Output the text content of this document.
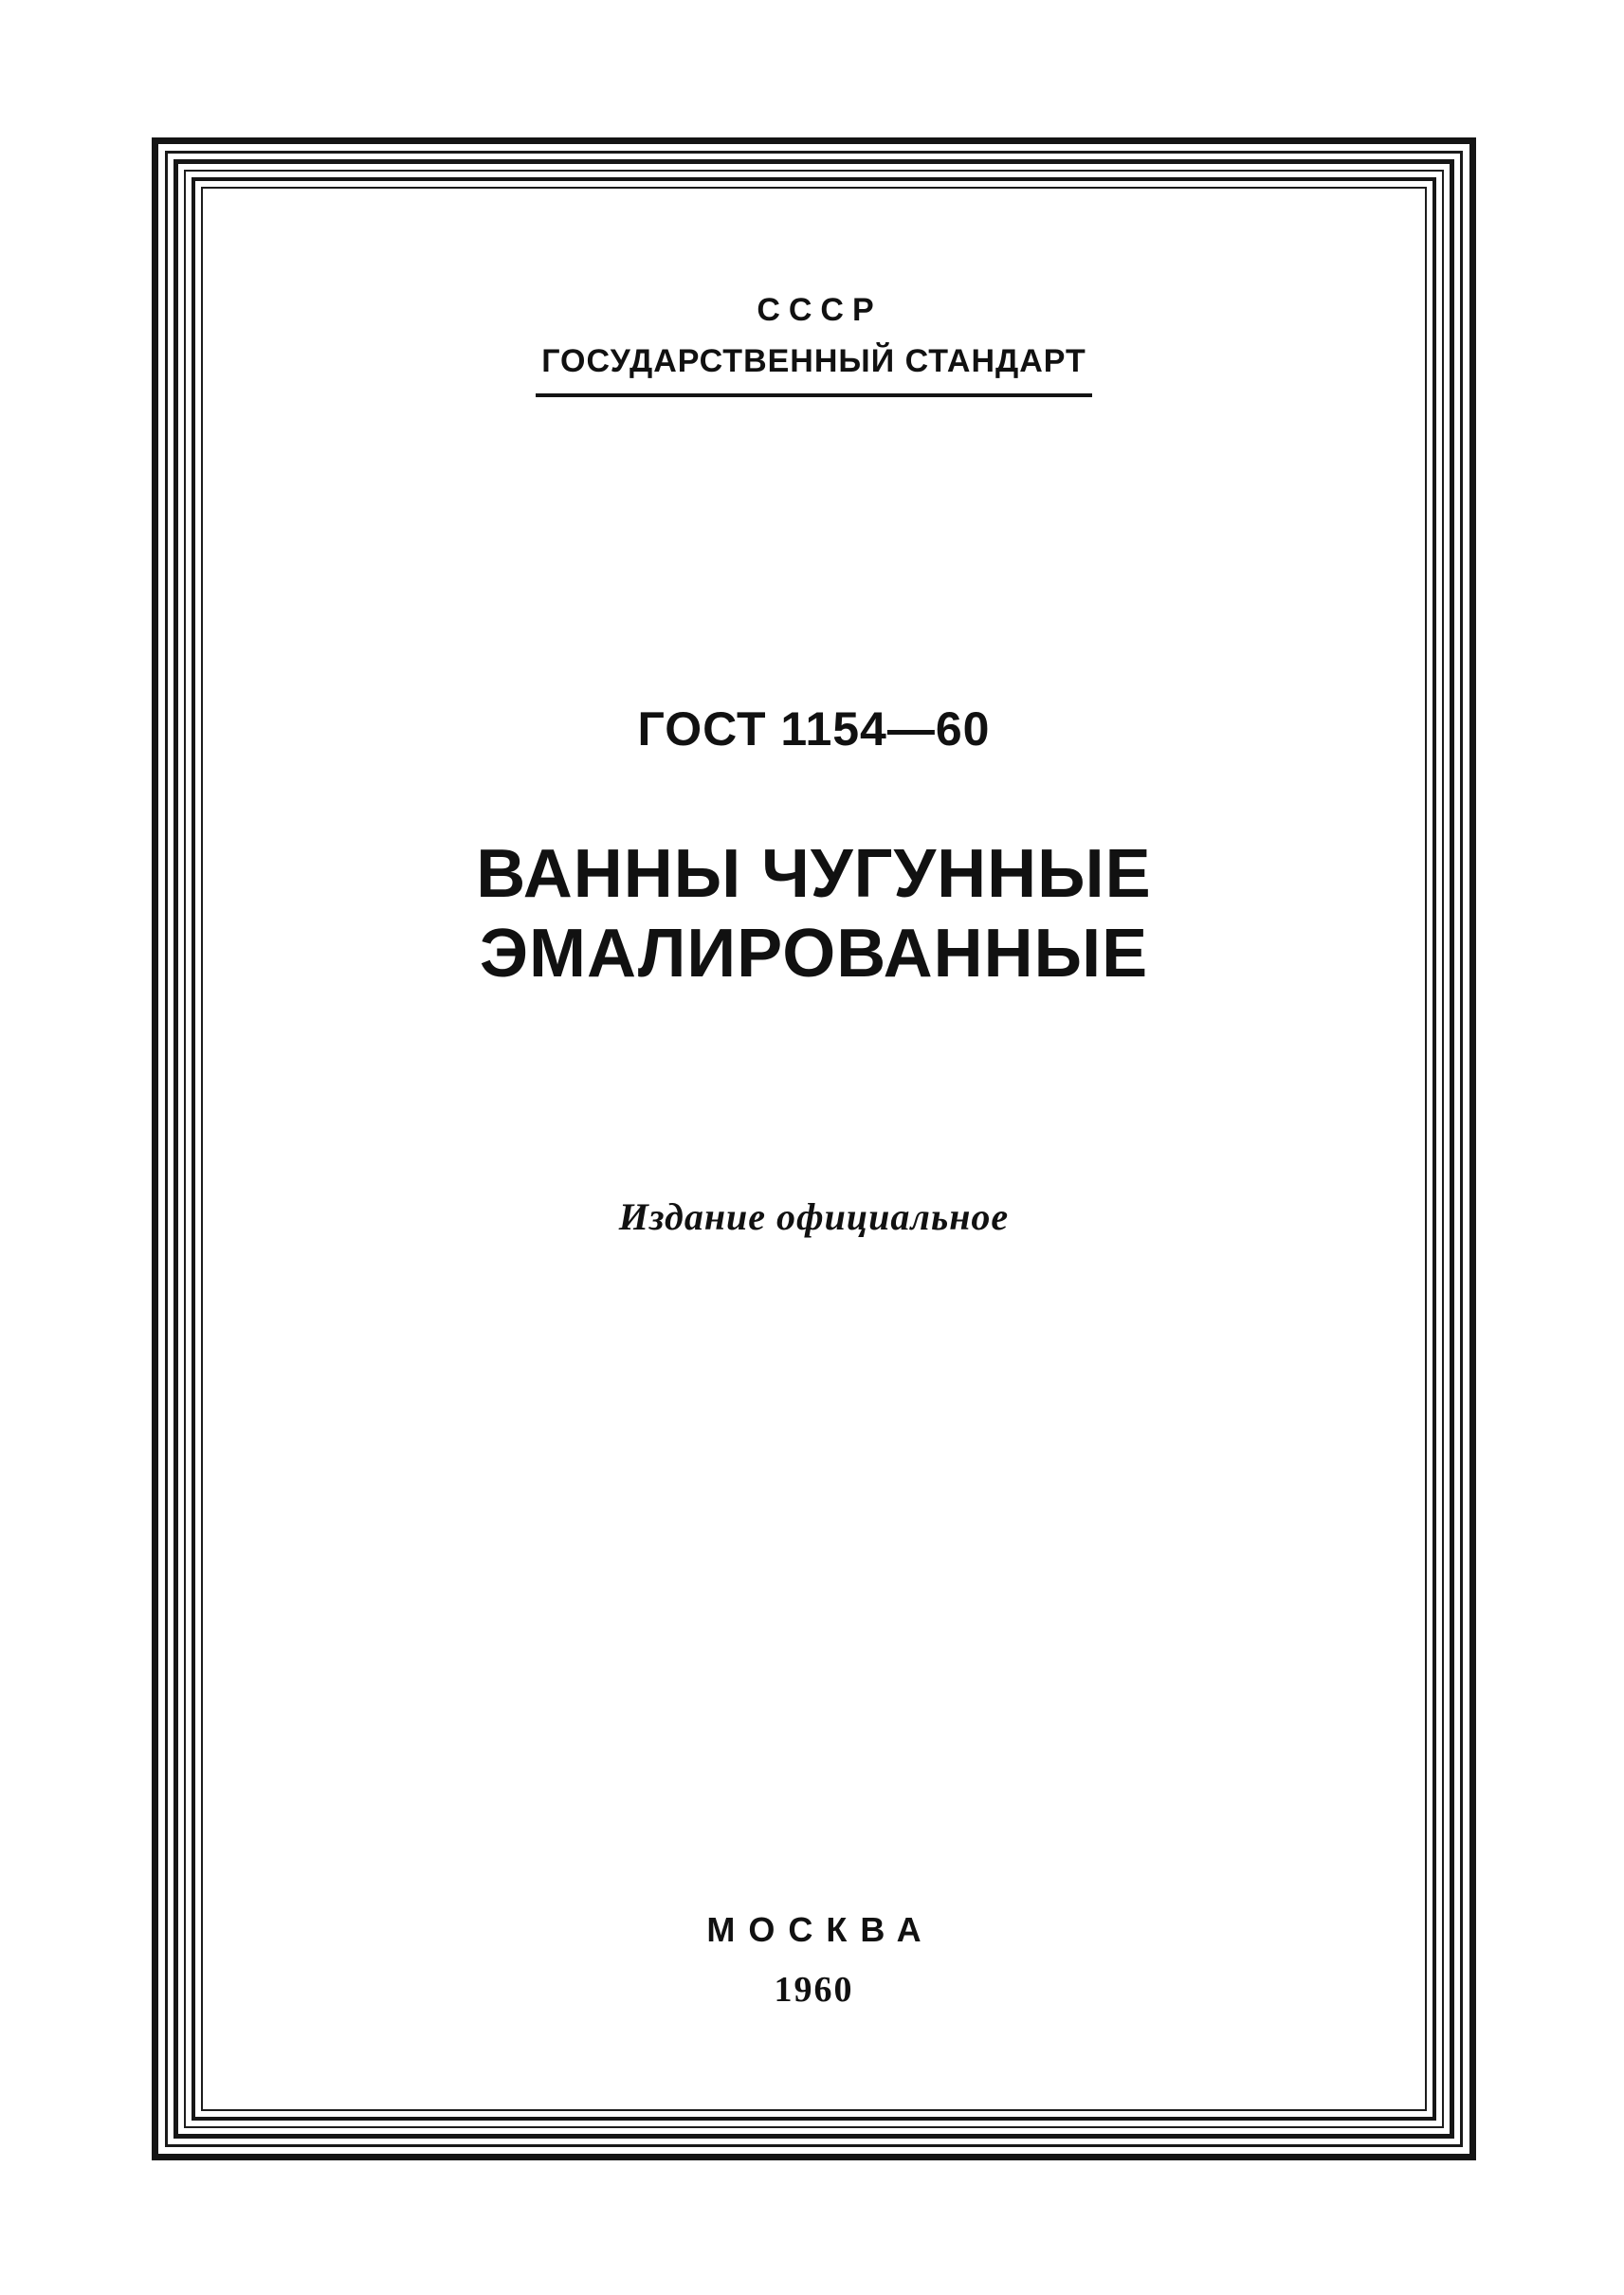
СССР
ГОСУДАРСТВЕННЫЙ СТАНДАРТ
ГОСТ 1154—60
ВАННЫ ЧУГУННЫЕ
ЭМАЛИРОВАННЫЕ
Издание официальное
МОСКВА
1960
